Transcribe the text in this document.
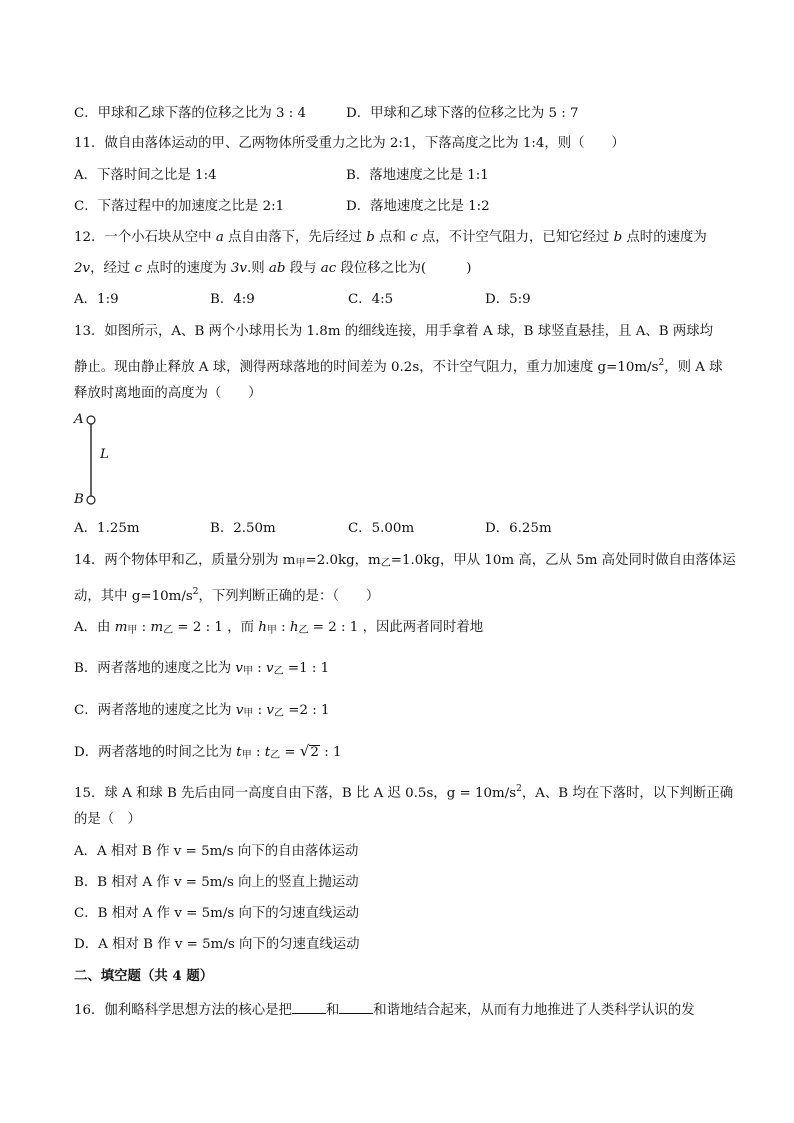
C．甲球和乙球下落的位移之比为 3 : 4	D．甲球和乙球下落的位移之比为 5 : 7
11．做自由落体运动的甲、乙两物体所受重力之比为 2:1，下落高度之比为 1:4，则（　　）
A．下落时间之比是 1:4	B．落地速度之比是 1:1
C．下落过程中的加速度之比是 2:1	D．落地速度之比是 1:2
12．一个小石块从空中 a 点自由落下，先后经过 b 点和 c 点，不计空气阻力，已知它经过 b 点时的速度为
2v，经过 c 点时的速度为 3v.则 ab 段与 ac 段位移之比为(　　　)
A．1:9	B．4:9	C．4:5	D．5:9
13．如图所示，A、B 两个小球用长为 1.8m 的细线连接，用手拿着 A 球，B 球竖直悬挂，且 A、B 两球均
静止。现由静止释放 A 球，测得两球落地的时间差为 0.2s，不计空气阻力，重力加速度 $g=10m/s^2$，则 A 球
释放时离地面的高度为（　　）
A
L
B
A．1.25m	B．2.50m	C．5.00m	D．6.25m
14．两个物体甲和乙，质量分别为 $m_甲=2.0kg$，$m_乙=1.0kg$，甲从 10m 高，乙从 5m 高处同时做自由落体运
动，其中 $g=10m/s^2$，下列判断正确的是：（　　）
A．由 $m_甲$ : $m_乙 = 2$ : 1 ，而 $h_甲$ : $h_乙 = 2$ : 1 ，因此两者同时着地
B．两者落地的速度之比为 $v_甲$ : $v_乙 =1$ : 1
C．两者落地的速度之比为 $v_甲$ : $v_乙 =2$ : 1
D．两者落地的时间之比为 $t_甲$ : $t_乙 = √2$ : 1
15．球 A 和球 B 先后由同一高度自由下落，B 比 A 迟 0.5s，$g = 10m/s^2$，A、B 均在下落时，以下判断正确
的是（　）
A．A 相对 B 作 v = 5m/s 向下的自由落体运动
B．B 相对 A 作 v = 5m/s 向上的竖直上抛运动
C．B 相对 A 作 v = 5m/s 向下的匀速直线运动
D．A 相对 B 作 v = 5m/s 向下的匀速直线运动
二、填空题（共 4 题）
16．伽利略科学思想方法的核心是把	和	和谐地结合起来，从而有力地推进了人类科学认识的发
